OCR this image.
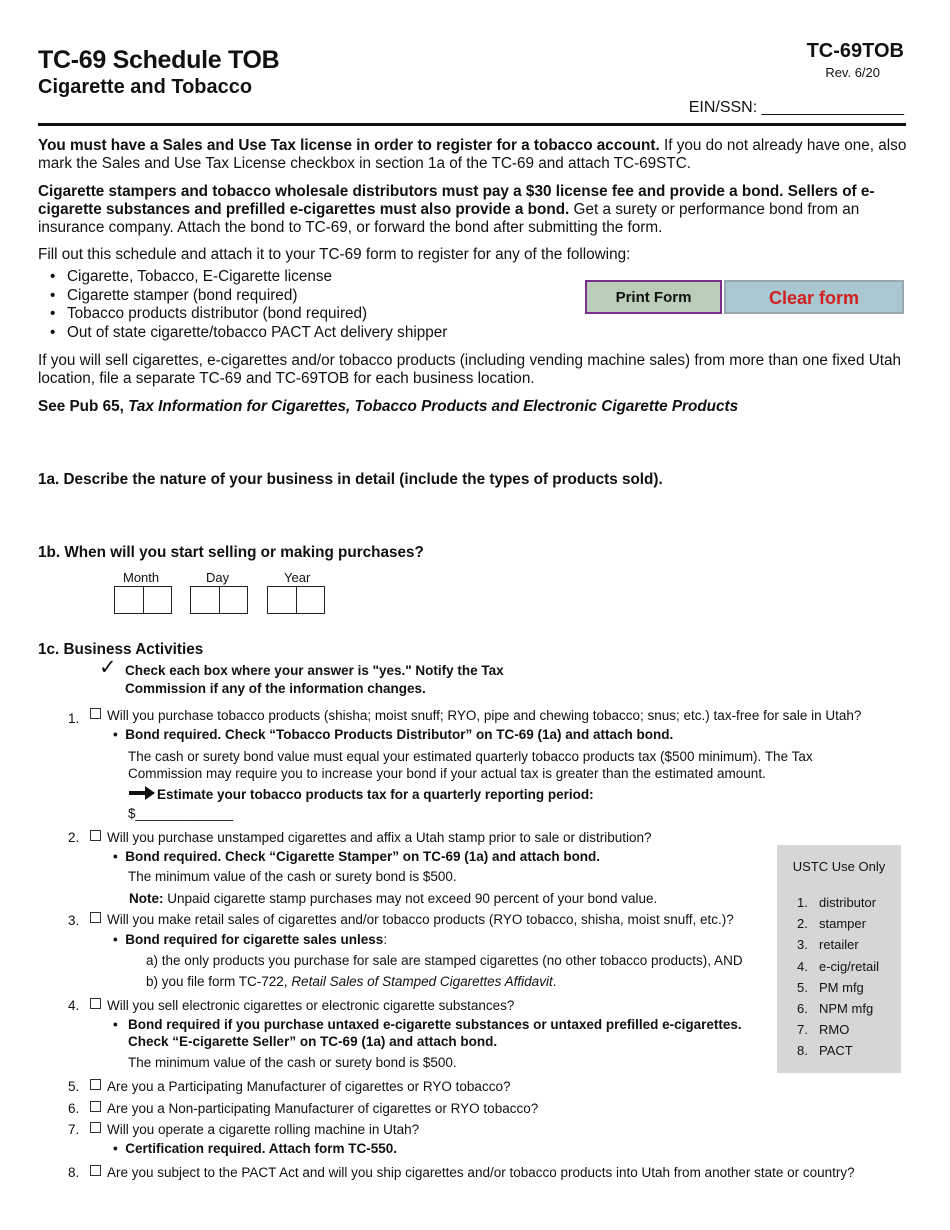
TC-69 Schedule TOB
Cigarette and Tobacco
TC-69TOB
Rev. 6/20
EIN/SSN: ________________
You must have a Sales and Use Tax license in order to register for a tobacco account. If you do not already have one, also mark the Sales and Use Tax License checkbox in section 1a of the TC-69 and attach TC-69STC.
Cigarette stampers and tobacco wholesale distributors must pay a $30 license fee and provide a bond. Sellers of e-cigarette substances and prefilled e-cigarettes must also provide a bond. Get a surety or performance bond from an insurance company. Attach the bond to TC-69, or forward the bond after submitting the form.
Fill out this schedule and attach it to your TC-69 form to register for any of the following:
• Cigarette, Tobacco, E-Cigarette license
• Cigarette stamper (bond required)
• Tobacco products distributor (bond required)
• Out of state cigarette/tobacco PACT Act delivery shipper
Print Form	Clear form
If you will sell cigarettes, e-cigarettes and/or tobacco products (including vending machine sales) from more than one fixed Utah location, file a separate TC-69 and TC-69TOB for each business location.
See Pub 65, Tax Information for Cigarettes, Tobacco Products and Electronic Cigarette Products
1a. Describe the nature of your business in detail (include the types of products sold).
1b. When will you start selling or making purchases?
Month	Day	Year
1c. Business Activities
✓ Check each box where your answer is "yes." Notify the Tax Commission if any of the information changes.
1.	Will you purchase tobacco products (shisha; moist snuff; RYO, pipe and chewing tobacco; snus; etc.) tax-free for sale in Utah?
•  Bond required. Check “Tobacco Products Distributor” on TC-69 (1a) and attach bond.
The cash or surety bond value must equal your estimated quarterly tobacco products tax ($500 minimum). The Tax Commission may require you to increase your bond if your actual tax is greater than the estimated amount.
Estimate your tobacco products tax for a quarterly reporting period:
$_____________
2.	Will you purchase unstamped cigarettes and affix a Utah stamp prior to sale or distribution?
•  Bond required. Check “Cigarette Stamper” on TC-69 (1a) and attach bond.
The minimum value of the cash or surety bond is $500.
Note: Unpaid cigarette stamp purchases may not exceed 90 percent of your bond value.
3.	Will you make retail sales of cigarettes and/or tobacco products (RYO tobacco, shisha, moist snuff, etc.)?
•  Bond required for cigarette sales unless:
a) the only products you purchase for sale are stamped cigarettes (no other tobacco products), AND
b) you file form TC-722, Retail Sales of Stamped Cigarettes Affidavit.
4.	Will you sell electronic cigarettes or electronic cigarette substances?
• Bond required if you purchase untaxed e-cigarette substances or untaxed prefilled e-cigarettes. Check “E-cigarette Seller” on TC-69 (1a) and attach bond.
The minimum value of the cash or surety bond is $500.
5.	Are you a Participating Manufacturer of cigarettes or RYO tobacco?
6.	Are you a Non-participating Manufacturer of cigarettes or RYO tobacco?
7.	Will you operate a cigarette rolling machine in Utah?
•  Certification required. Attach form TC-550.
8.	Are you subject to the PACT Act and will you ship cigarettes and/or tobacco products into Utah from another state or country?
USTC Use Only
1. distributor
2. stamper
3. retailer
4. e-cig/retail
5. PM mfg
6. NPM mfg
7. RMO
8. PACT
